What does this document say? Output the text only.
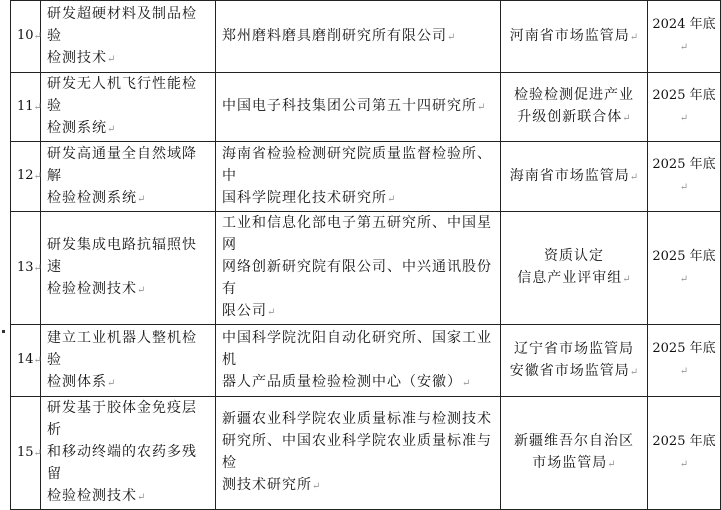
10↵	研发超硬材料及制品检验
检测技术↵	郑州磨料磨具磨削研究所有限公司↵	河南省市场监管局↵	2024 年底↵

11↵	研发无人机飞行性能检验
检测系统↵	中国电子科技集团公司第五十四研究所↵	检验检测促进产业
升级创新联合体↵	2025 年底↵

12↵	研发高通量全自然域降解
检验检测系统↵	海南省检验检测研究院质量监督检验所、中
国科学院理化技术研究所↵	海南省市场监管局↵	2025 年底↵

13↵	研发集成电路抗辐照快速
检验检测技术↵	工业和信息化部电子第五研究所、中国星网
网络创新研究院有限公司、中兴通讯股份有
限公司↵	资质认定
信息产业评审组↵	2025 年底↵

14↵	建立工业机器人整机检验
检测体系↵	中国科学院沈阳自动化研究所、国家工业机
器人产品质量检验检测中心（安徽）↵	辽宁省市场监管局
安徽省市场监管局↵	2025 年底↵

15↵	研发基于胶体金免疫层析
和移动终端的农药多残留
检验检测技术↵	新疆农业科学院农业质量标准与检测技术
研究所、中国农业科学院农业质量标准与检
测技术研究所↵	新疆维吾尔自治区
市场监管局↵	2025 年底↵
